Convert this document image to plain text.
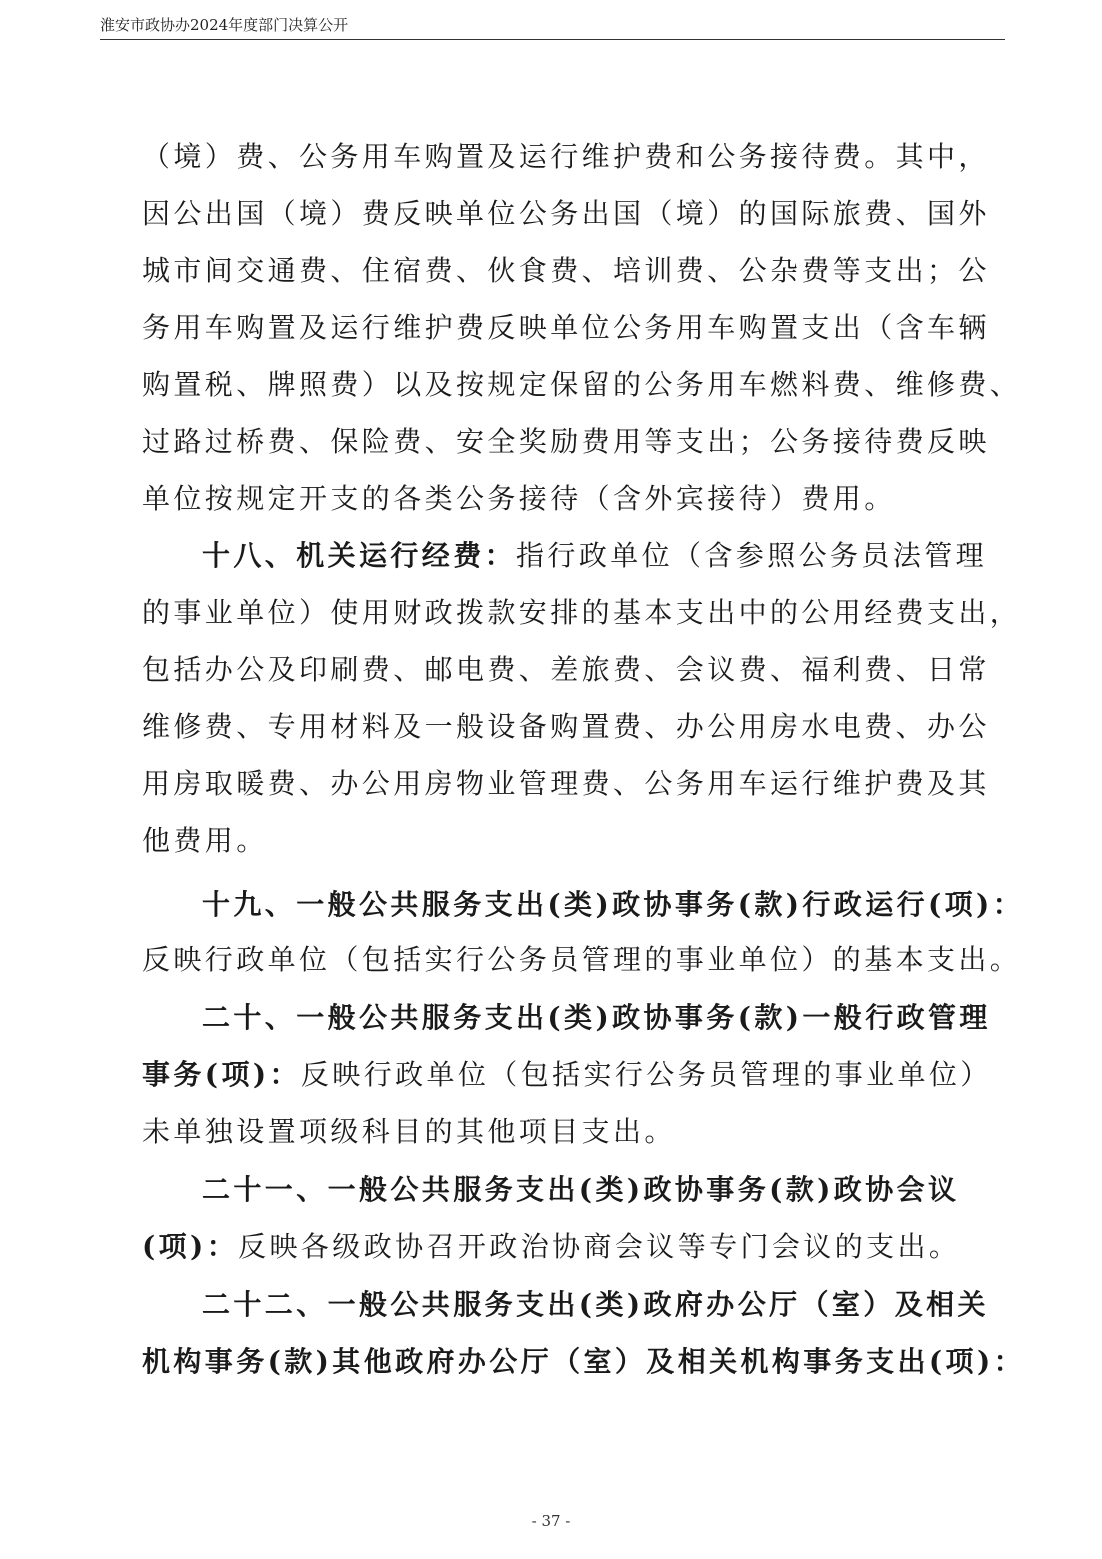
淮安市政协办2024年度部门决算公开
（境）费、公务用车购置及运行维护费和公务接待费。其中，
因公出国（境）费反映单位公务出国（境）的国际旅费、国外
城市间交通费、住宿费、伙食费、培训费、公杂费等支出；公
务用车购置及运行维护费反映单位公务用车购置支出（含车辆
购置税、牌照费）以及按规定保留的公务用车燃料费、维修费、
过路过桥费、保险费、安全奖励费用等支出；公务接待费反映
单位按规定开支的各类公务接待（含外宾接待）费用。
十八、机关运行经费：指行政单位（含参照公务员法管理
的事业单位）使用财政拨款安排的基本支出中的公用经费支出，
包括办公及印刷费、邮电费、差旅费、会议费、福利费、日常
维修费、专用材料及一般设备购置费、办公用房水电费、办公
用房取暖费、办公用房物业管理费、公务用车运行维护费及其
他费用。
十九、一般公共服务支出(类)政协事务(款)行政运行(项)：
反映行政单位（包括实行公务员管理的事业单位）的基本支出。
二十、一般公共服务支出(类)政协事务(款)一般行政管理
事务(项)：反映行政单位（包括实行公务员管理的事业单位）
未单独设置项级科目的其他项目支出。
二十一、一般公共服务支出(类)政协事务(款)政协会议
(项)：反映各级政协召开政治协商会议等专门会议的支出。
二十二、一般公共服务支出(类)政府办公厅（室）及相关
机构事务(款)其他政府办公厅（室）及相关机构事务支出(项)：
- 37 -
